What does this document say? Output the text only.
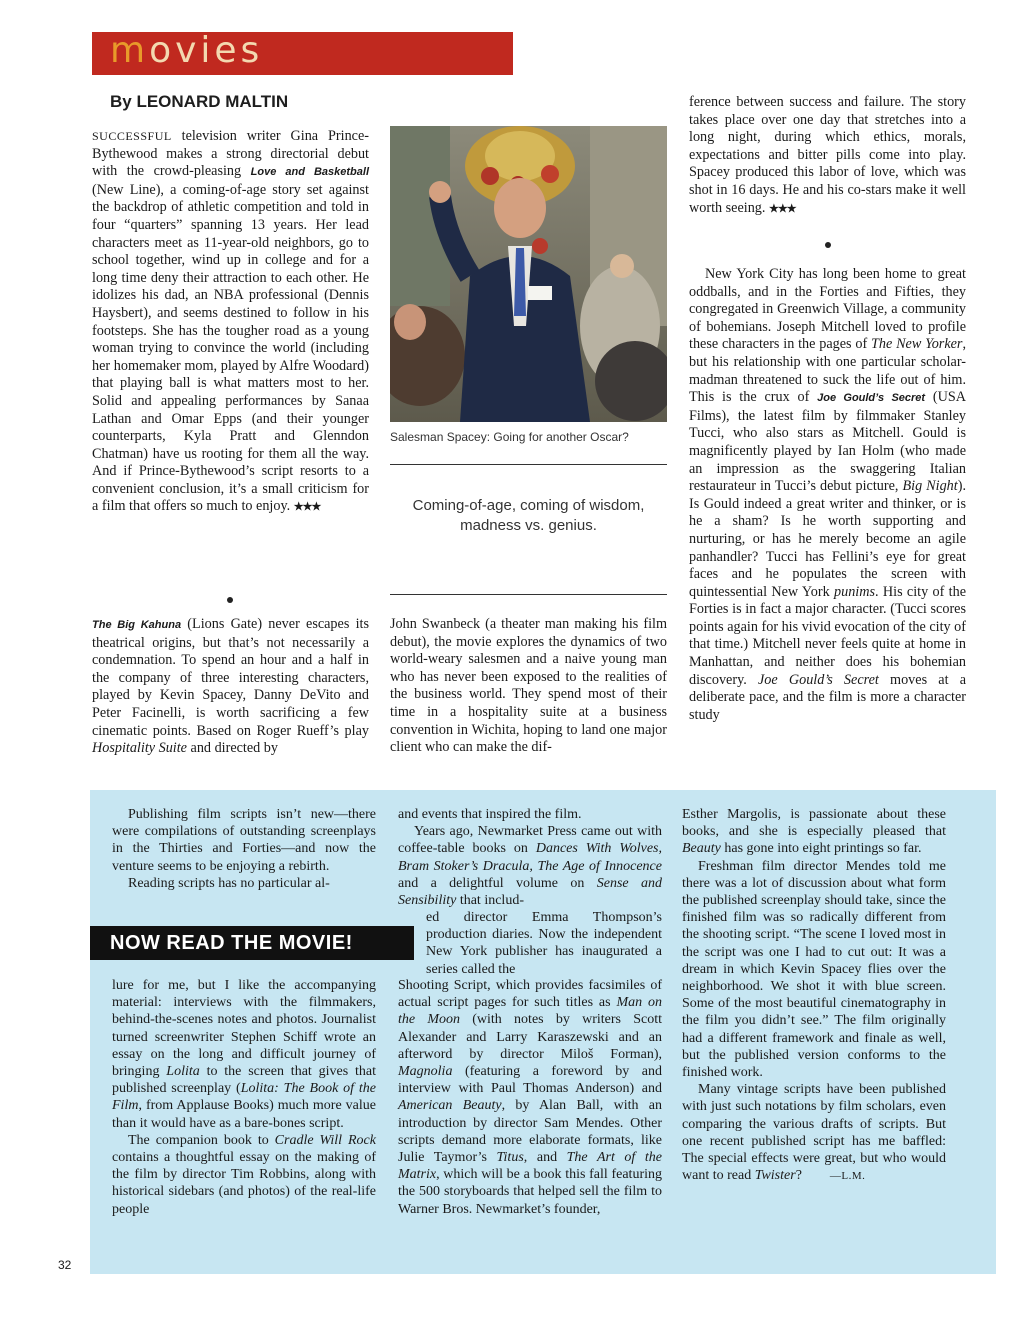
movies
By LEONARD MALTIN

SUCCESSFUL television writer Gina Prince-Bythewood makes a strong directorial debut with the crowd-pleasing Love and Basketball (New Line), a coming-of-age story set against the backdrop of athletic competition and told in four “quarters” spanning 13 years. Her lead characters meet as 11-year-old neighbors, go to school together, wind up in college and for a long time deny their attraction to each other. He idolizes his dad, an NBA professional (Dennis Haysbert), and seems destined to follow in his footsteps. She has the tougher road as a young woman trying to convince the world (including her homemaker mom, played by Alfre Woodard) that playing ball is what matters most to her. Solid and appealing performances by Sanaa Lathan and Omar Epps (and their younger counterparts, Kyla Pratt and Glenndon Chatman) have us rooting for them all the way. And if Prince-Bythewood’s script resorts to a convenient conclusion, it’s a small criticism for a film that offers so much to enjoy. ★★★

The Big Kahuna (Lions Gate) never escapes its theatrical origins, but that’s not necessarily a condemnation. To spend an hour and a half in the company of three interesting characters, played by Kevin Spacey, Danny DeVito and Peter Facinelli, is worth sacrificing a few cinematic points. Based on Roger Rueff’s play Hospitality Suite and directed by

Salesman Spacey: Going for another Oscar?
Coming-of-age, coming of wisdom, madness vs. genius.

John Swanbeck (a theater man making his film debut), the movie explores the dynamics of two world-weary salesmen and a naive young man who has never been exposed to the realities of the business world. They spend most of their time in a hospitality suite at a business convention in Wichita, hoping to land one major client who can make the dif-

ference between success and failure. The story takes place over one day that stretches into a long night, during which ethics, morals, expectations and bitter pills come into play. Spacey produced this labor of love, which was shot in 16 days. He and his co-stars make it well worth seeing. ★★★

New York City has long been home to great oddballs, and in the Forties and Fifties, they congregated in Greenwich Village, a community of bohemians. Joseph Mitchell loved to profile these characters in the pages of The New Yorker, but his relationship with one particular scholar-madman threatened to suck the life out of him. This is the crux of Joe Gould’s Secret (USA Films), the latest film by filmmaker Stanley Tucci, who also stars as Mitchell. Gould is magnificently played by Ian Holm (who made an impression as the swaggering Italian restaurateur in Tucci’s debut picture, Big Night). Is Gould indeed a great writer and thinker, or is he a sham? Is he worth supporting and nurturing, or has he merely become an agile panhandler? Tucci has Fellini’s eye for great faces and he populates the screen with quintessential New York punims. His city of the Forties is in fact a major character. (Tucci scores points again for his vivid evocation of the city of that time.) Mitchell never feels quite at home in Manhattan, and neither does his bohemian discovery. Joe Gould’s Secret moves at a deliberate pace, and the film is more a character study

Publishing film scripts isn’t new—there were compilations of outstanding screenplays in the Thirties and Forties—and now the venture seems to be enjoying a rebirth.

Reading scripts has no particular al-

NOW READ THE MOVIE!

lure for me, but I like the accompanying material: interviews with the filmmakers, behind-the-scenes notes and photos. Journalist turned screenwriter Stephen Schiff wrote an essay on the long and difficult journey of bringing Lolita to the screen that gives that published screenplay (Lolita: The Book of the Film, from Applause Books) much more value than it would have as a bare-bones script.

The companion book to Cradle Will Rock contains a thoughtful essay on the making of the film by director Tim Robbins, along with historical sidebars (and photos) of the real-life people

and events that inspired the film.

Years ago, Newmarket Press came out with coffee-table books on Dances With Wolves, Bram Stoker’s Dracula, The Age of Innocence and a delightful volume on Sense and Sensibility that includ-

ed director Emma Thompson’s production diaries. Now the independent New York publisher has inaugurated a series called the

Shooting Script, which provides facsimiles of actual script pages for such titles as Man on the Moon (with notes by writers Scott Alexander and Larry Karaszewski and an afterword by director Miloš Forman), Magnolia (featuring a foreword by and interview with Paul Thomas Anderson) and American Beauty, by Alan Ball, with an introduction by director Sam Mendes. Other scripts demand more elaborate formats, like Julie Taymor’s Titus, and The Art of the Matrix, which will be a book this fall featuring the 500 storyboards that helped sell the film to Warner Bros. Newmarket’s founder,

Esther Margolis, is passionate about these books, and she is especially pleased that Beauty has gone into eight printings so far.

Freshman film director Mendes told me there was a lot of discussion about what form the published screenplay should take, since the finished film was so radically different from the shooting script. “The scene I loved most in the script was one I had to cut out: It was a dream in which Kevin Spacey flies over the neighborhood. We shot it with blue screen. Some of the most beautiful cinematography in the film you didn’t see.” The film originally had a different framework and finale as well, but the published version conforms to the finished work.

Many vintage scripts have been published with just such notations by film scholars, even comparing the various drafts of scripts. But one recent published script has me baffled: The special effects were great, but who would want to read Twister?	—L.M.

32
